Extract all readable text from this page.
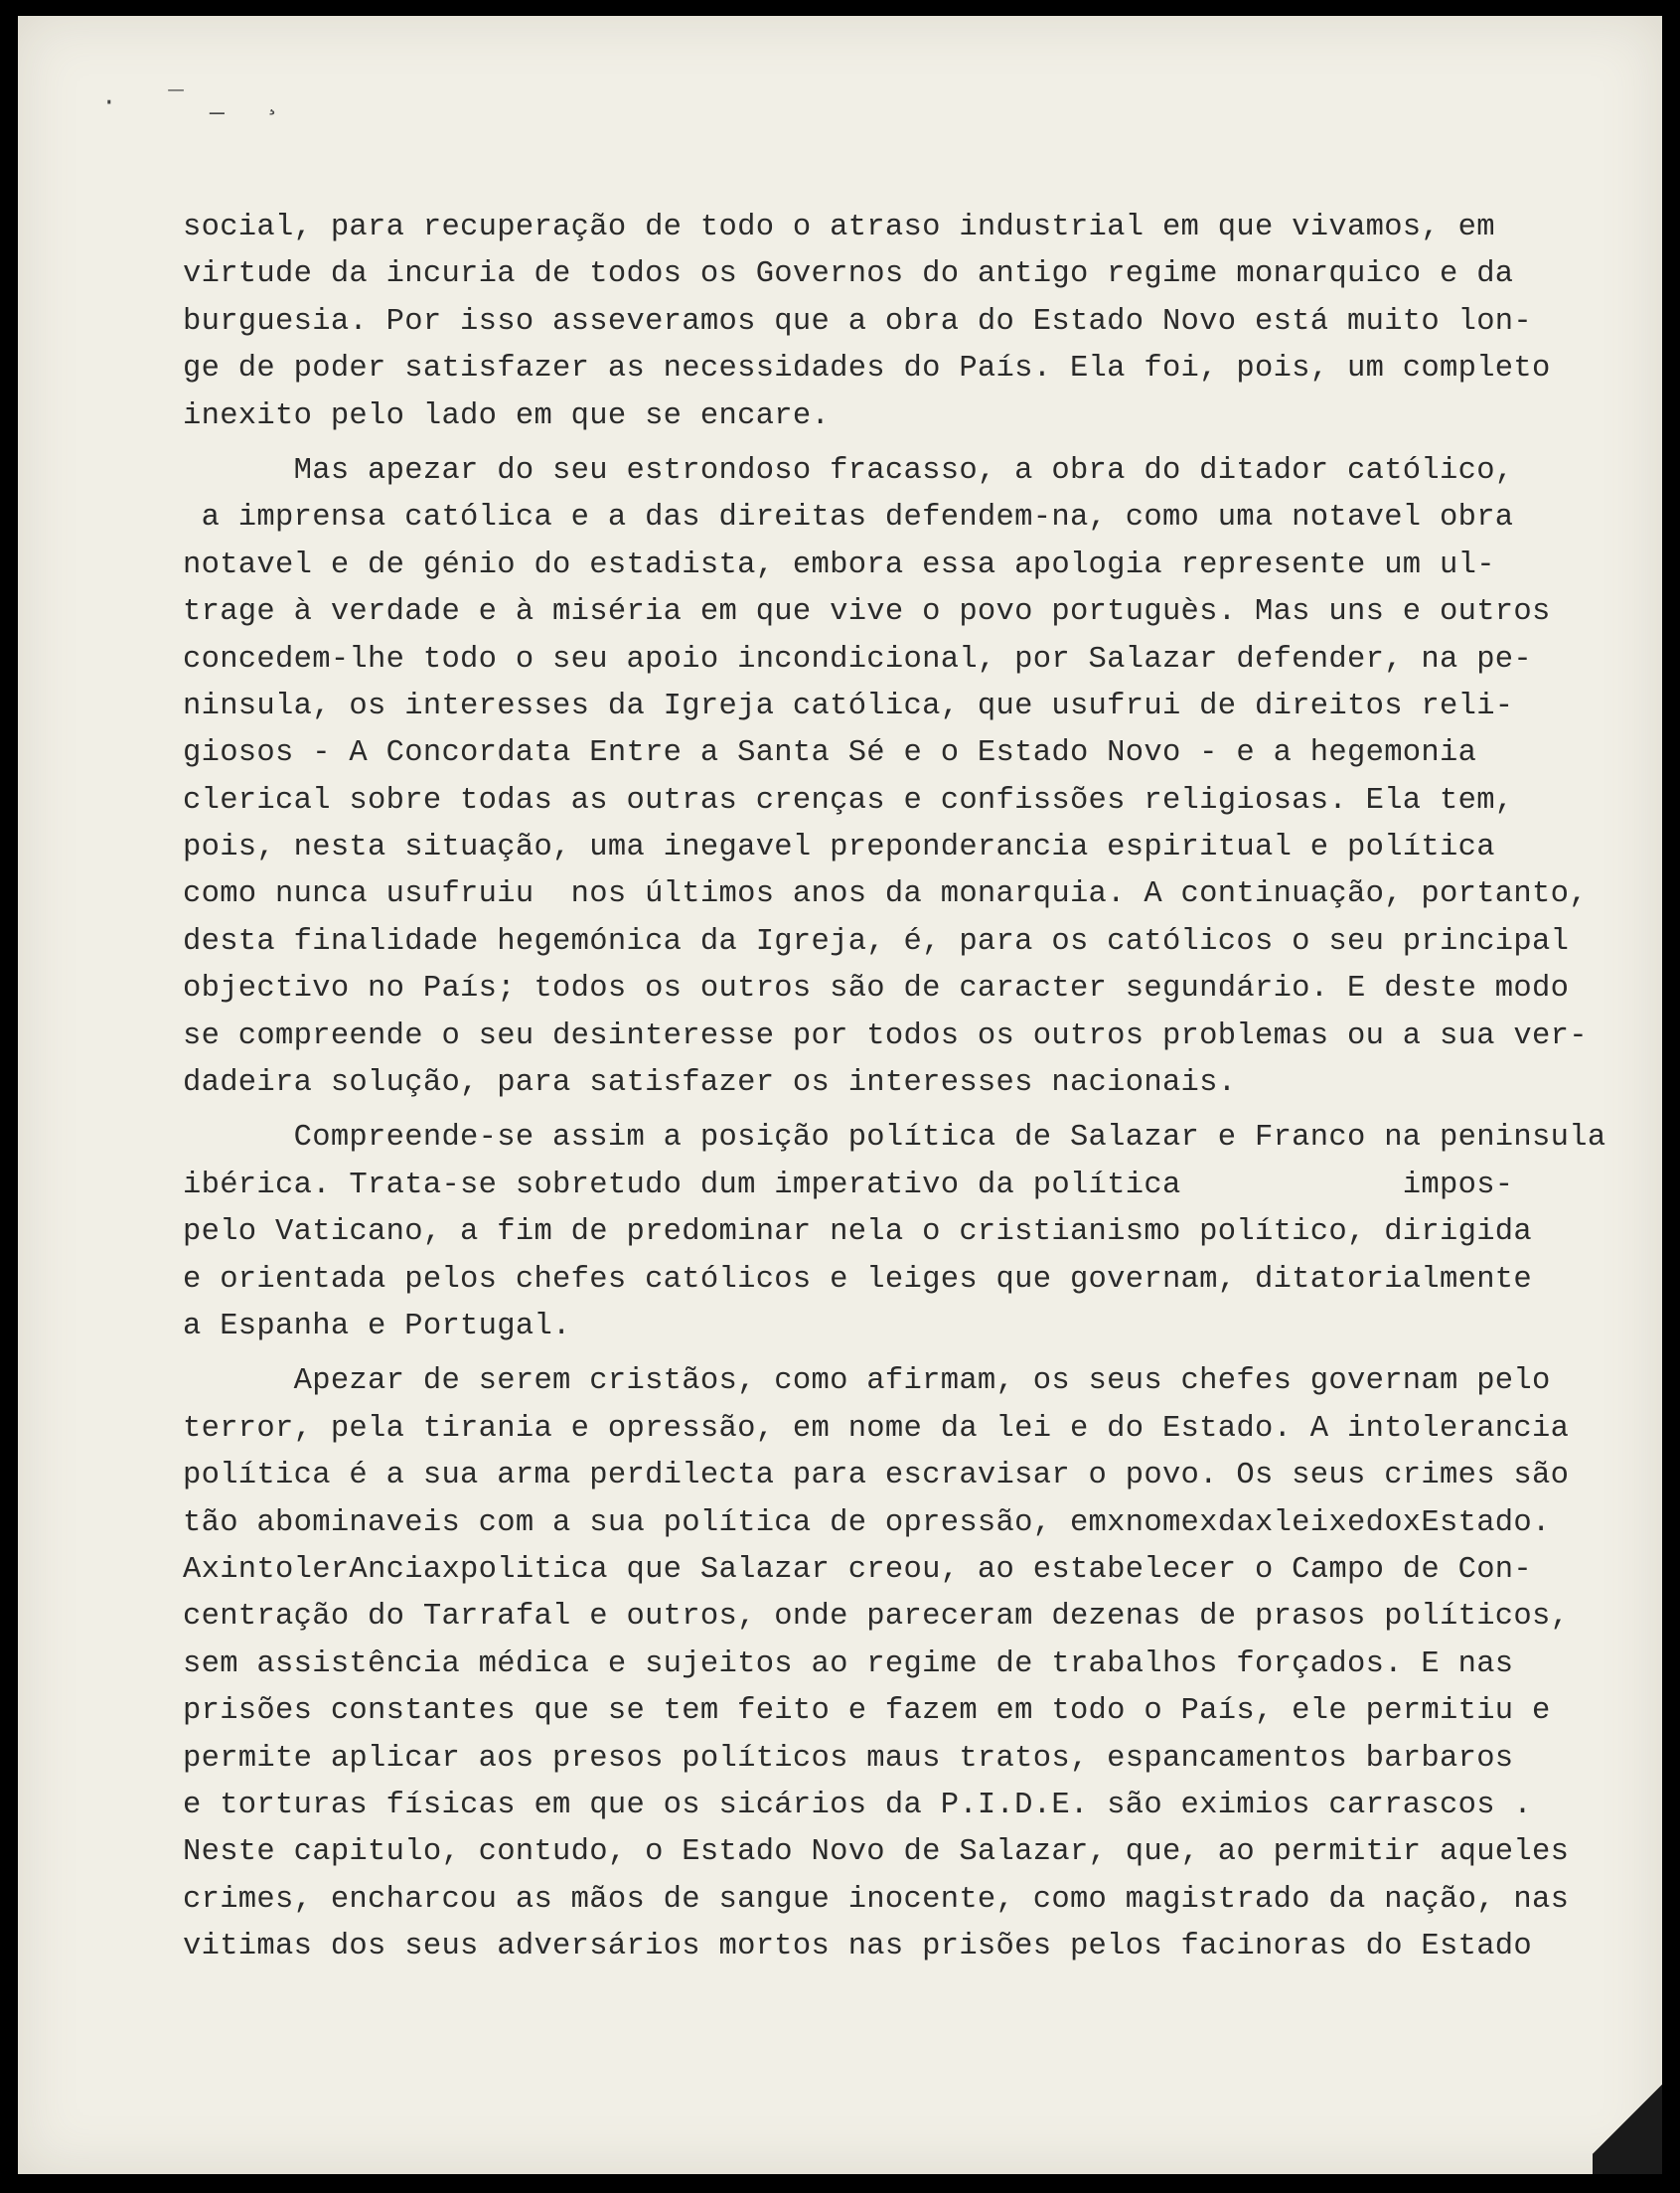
· ‾ ̲ ¸
social, para recuperação de todo o atraso industrial em que vivamos, em
virtude da incuria de todos os Governos do antigo regime monarquico e da
burguesia. Por isso asseveramos que a obra do Estado Novo está muito lon-
ge de poder satisfazer as necessidades do País. Ela foi, pois, um completo
inexito pelo lado em que se encare.
Mas apezar do seu estrondoso fracasso, a obra do ditador católico,
a imprensa católica e a das direitas defendem-na, como uma notavel obra
notavel e de génio do estadista, embora essa apologia represente um ul-
trage à verdade e à miséria em que vive o povo portuguès. Mas uns e outros
concedem-lhe todo o seu apoio incondicional, por Salazar defender, na pe-
ninsula, os interesses da Igreja católica, que usufrui de direitos reli-
giosos - A Concordata Entre a Santa Sé e o Estado Novo - e a hegemonia
clerical sobre todas as outras crenças e confissões religiosas. Ela tem,
pois, nesta situação, uma inegavel preponderancia espiritual e política
como nunca usufruiu  nos últimos anos da monarquia. A continuação, portanto,
desta finalidade hegemónica da Igreja, é, para os católicos o seu principal
objectivo no País; todos os outros são de caracter segundário. E deste modo
se compreende o seu desinteresse por todos os outros problemas ou a sua ver-
dadeira solução, para satisfazer os interesses nacionais.
Compreende-se assim a posição política de Salazar e Franco na peninsula
ibérica. Trata-se sobretudo dum imperativo da política            impos-
pelo Vaticano, a fim de predominar nela o cristianismo político, dirigida
e orientada pelos chefes católicos e leiges que governam, ditatorialmente
a Espanha e Portugal.
Apezar de serem cristãos, como afirmam, os seus chefes governam pelo
terror, pela tirania e opressão, em nome da lei e do Estado. A intolerancia
política é a sua arma perdilecta para escravisar o povo. Os seus crimes são
tão abominaveis com a sua política de opressão, emxnomexdaxleixedoxEstado.
AxintolerAnciaxpolitica que Salazar creou, ao estabelecer o Campo de Con-
centração do Tarrafal e outros, onde pareceram dezenas de prasos políticos,
sem assistência médica e sujeitos ao regime de trabalhos forçados. E nas
prisões constantes que se tem feito e fazem em todo o País, ele permitiu e
permite aplicar aos presos políticos maus tratos, espancamentos barbaros
e torturas físicas em que os sicários da P.I.D.E. são eximios carrascos .
Neste capitulo, contudo, o Estado Novo de Salazar, que, ao permitir aqueles
crimes, encharcou as mãos de sangue inocente, como magistrado da nação, nas
vitimas dos seus adversários mortos nas prisões pelos facinoras do Estado
